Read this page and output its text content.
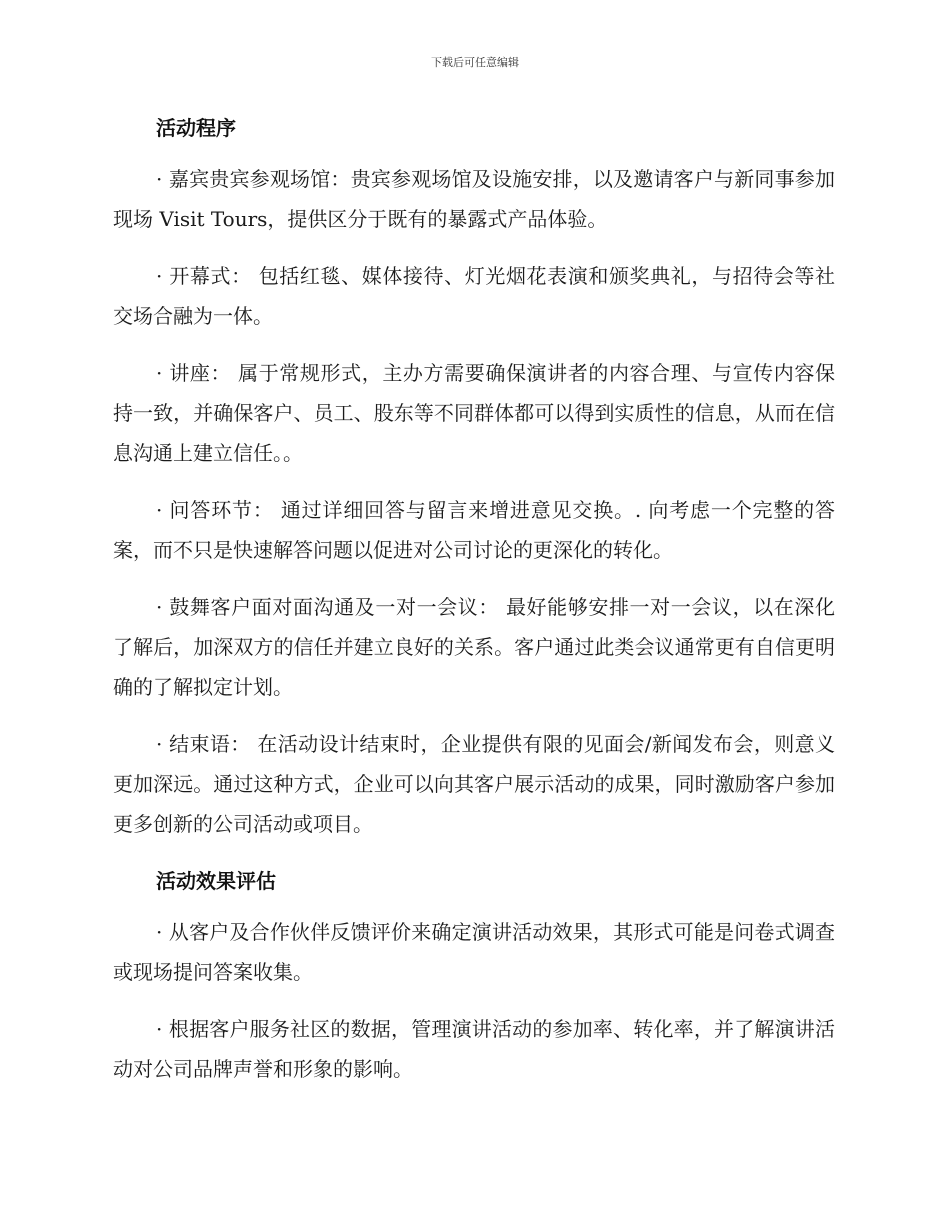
下载后可任意编辑
活动程序

· 嘉宾贵宾参观场馆：贵宾参观场馆及设施安排，以及邀请客户与新同事参加现场 Visit Tours，提供区分于既有的暴露式产品体验。

· 开幕式： 包括红毯、媒体接待、灯光烟花表演和颁奖典礼，与招待会等社交场合融为一体。

· 讲座： 属于常规形式，主办方需要确保演讲者的内容合理、与宣传内容保持一致，并确保客户、员工、股东等不同群体都可以得到实质性的信息，从而在信息沟通上建立信任。。

· 问答环节： 通过详细回答与留言来增进意见交换。. 向考虑一个完整的答案，而不只是快速解答问题以促进对公司讨论的更深化的转化。

· 鼓舞客户面对面沟通及一对一会议： 最好能够安排一对一会议，以在深化了解后，加深双方的信任并建立良好的关系。客户通过此类会议通常更有自信更明确的了解拟定计划。

· 结束语： 在活动设计结束时，企业提供有限的见面会/新闻发布会，则意义更加深远。通过这种方式，企业可以向其客户展示活动的成果，同时激励客户参加更多创新的公司活动或项目。

活动效果评估

· 从客户及合作伙伴反馈评价来确定演讲活动效果，其形式可能是问卷式调查或现场提问答案收集。

· 根据客户服务社区的数据，管理演讲活动的参加率、转化率，并了解演讲活动对公司品牌声誉和形象的影响。
